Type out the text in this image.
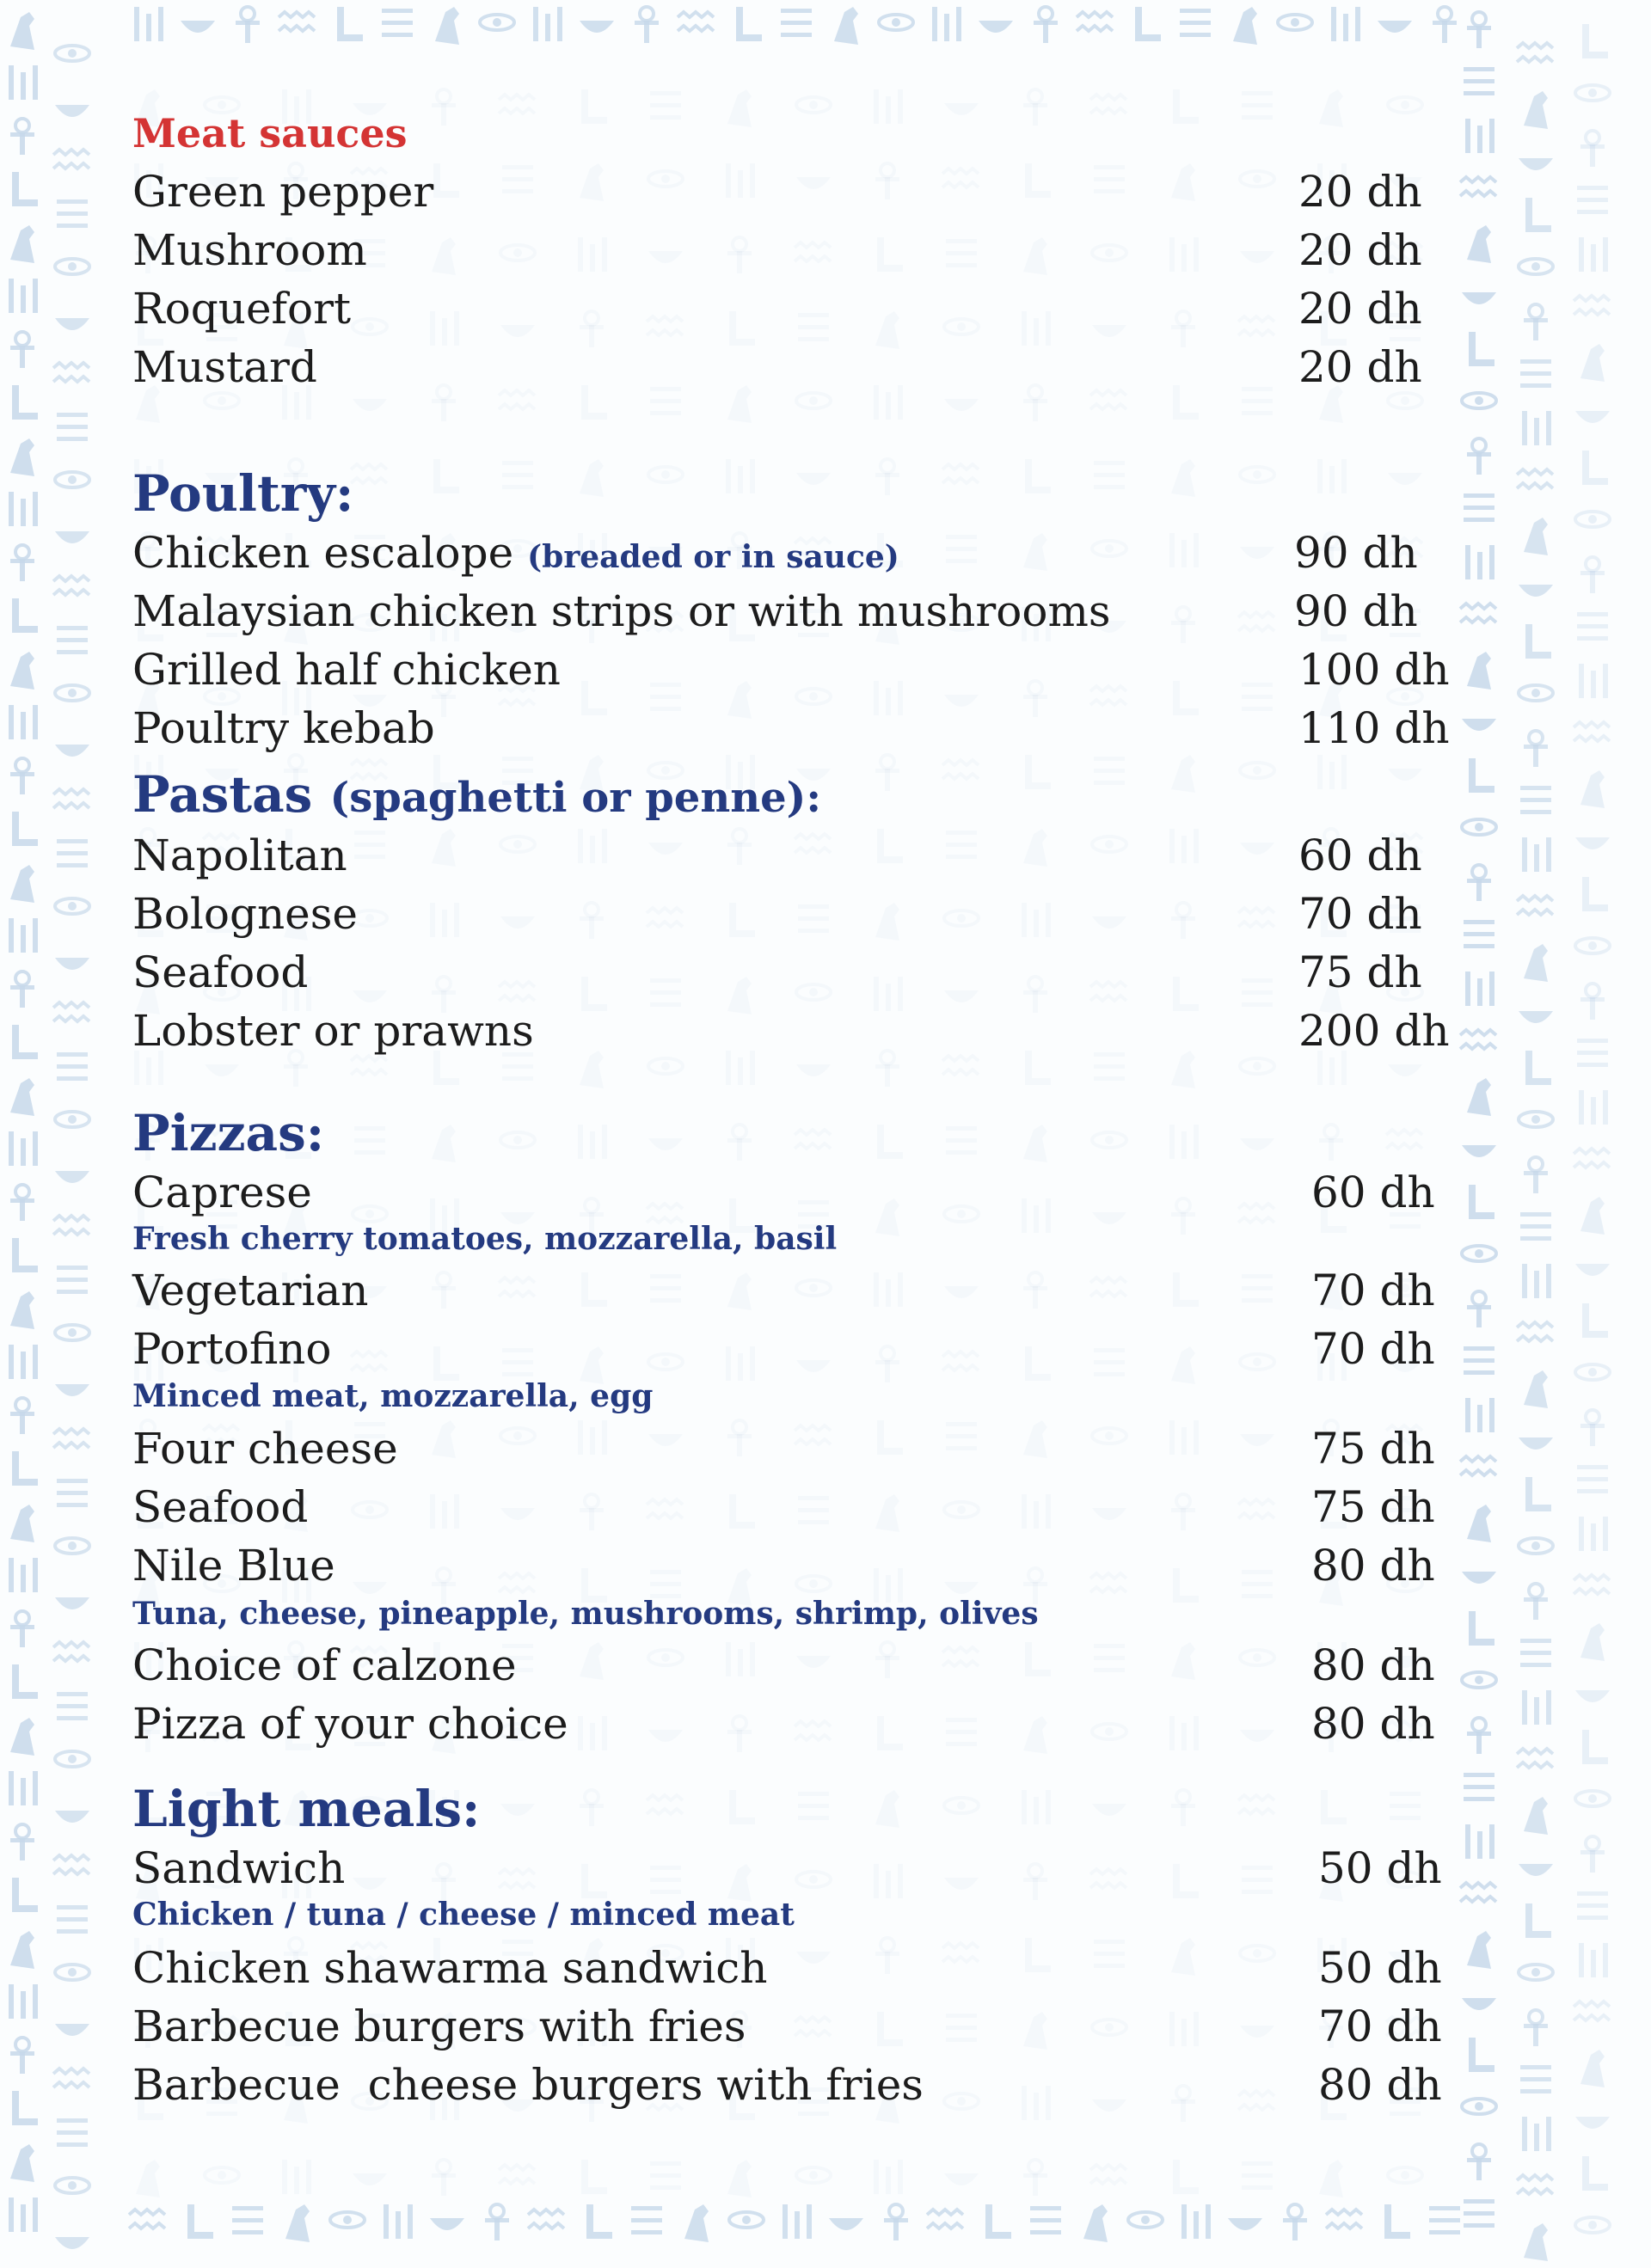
Meat sauces
Green pepper	20 dh
Mushroom	20 dh
Roquefort	20 dh
Mustard	20 dh
Poultry:
Chicken escalope (breaded or in sauce)	90 dh
Malaysian chicken strips or with mushrooms	90 dh
Grilled half chicken	100 dh
Poultry kebab	110 dh
Pastas (spaghetti or penne):
Napolitan	60 dh
Bolognese	70 dh
Seafood	75 dh
Lobster or prawns	200 dh
Pizzas:
Caprese	60 dh
Fresh cherry tomatoes, mozzarella, basil
Vegetarian	70 dh
Portofino	70 dh
Minced meat, mozzarella, egg
Four cheese	75 dh
Seafood	75 dh
Nile Blue	80 dh
Tuna, cheese, pineapple, mushrooms, shrimp, olives
Choice of calzone	80 dh
Pizza of your choice	80 dh
Light meals:
Sandwich	50 dh
Chicken / tuna / cheese / minced meat
Chicken shawarma sandwich	50 dh
Barbecue burgers with fries	70 dh
Barbecue  cheese burgers with fries	80 dh
